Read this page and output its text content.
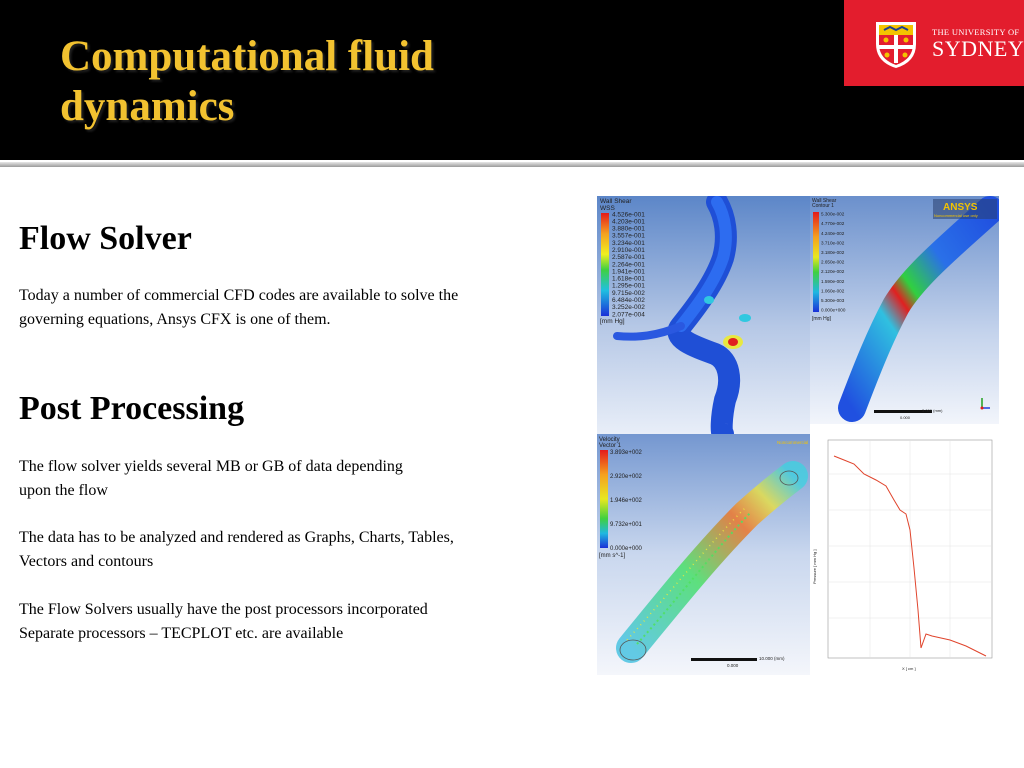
Computational fluid
dynamics
THE UNIVERSITY OF
SYDNEY
Flow Solver

Today a number of commercial CFD codes are available to solve the
governing equations, Ansys CFX is one of them.

Post Processing

The flow solver yields several MB or GB of data depending
upon the flow

The data has to be analyzed and rendered as Graphs, Charts, Tables,
Vectors and contours

The Flow Solvers usually have the post processors incorporated
Separate processors – TECPLOT etc. are available

Wall Shear
WSS
4.526e-001
4.203e-001
3.880e-001
3.557e-001
3.234e-001
2.910e-001
2.587e-001
2.264e-001
1.941e-001
1.618e-001
1.295e-001
9.715e-002
6.484e-002
3.252e-002
2.077e-004
[mm Hg]
ANSYS
Noncommercial use only
Wall Shear
Contour 1
5.300e-002
4.770e-002
4.240e-002
3.710e-002
3.180e-002
2.650e-002
2.120e-002
1.590e-002
1.060e-002
5.300e-003
0.000e+000
[mm Hg]
3.000 (mm)
0.000
Velocity
Vector 1
3.893e+002
2.920e+002
1.946e+002
9.732e+001
0.000e+000
[mm s^-1]
Noncommercial
10.000 (mm)
0.000
Pressure [ mm Hg ]
X [ cm ]
